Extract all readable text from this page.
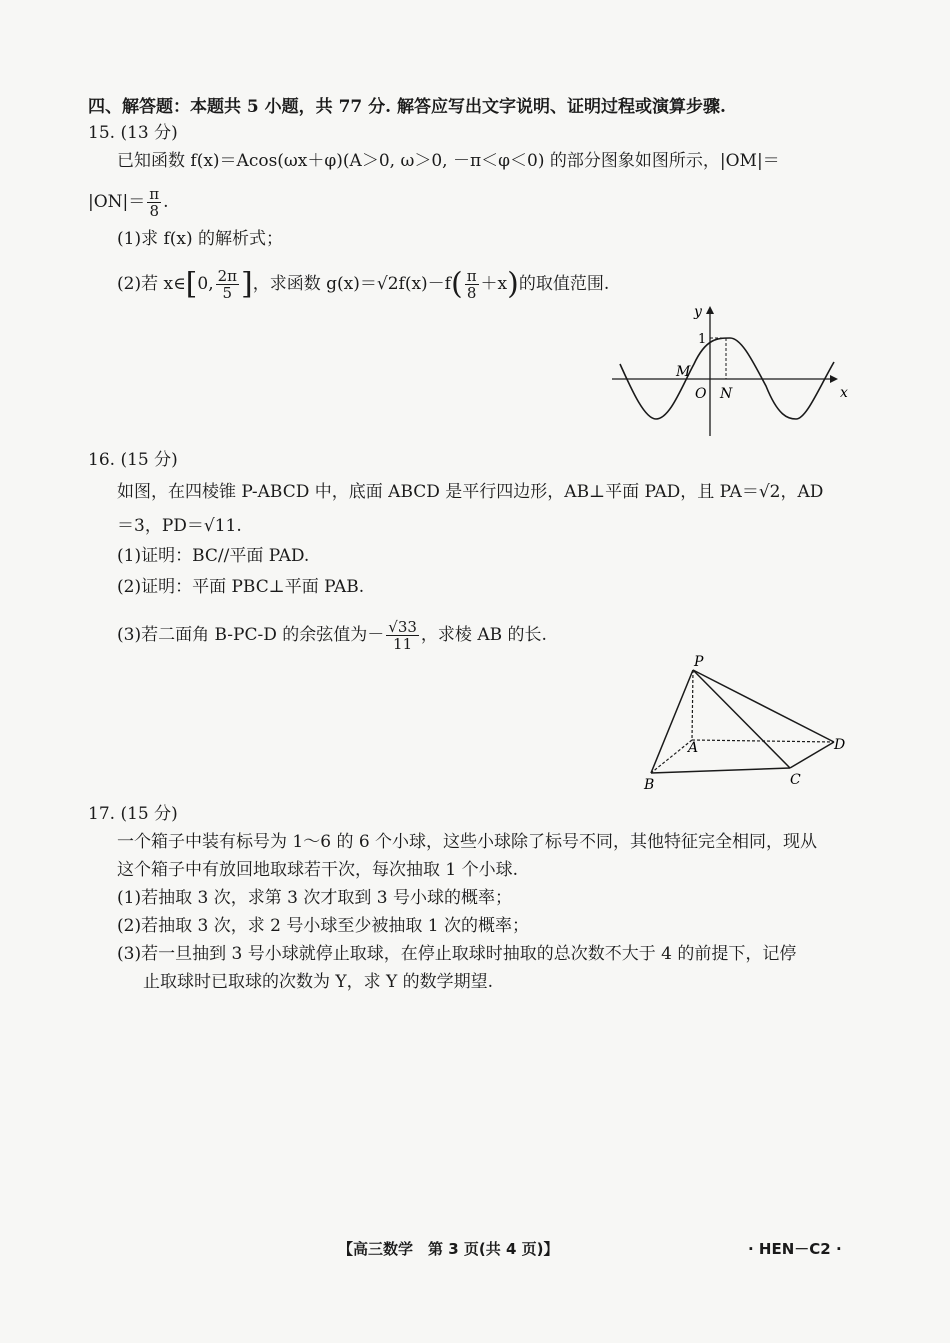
四、解答题：本题共 5 小题，共 77 分. 解答应写出文字说明、证明过程或演算步骤.
15. (13 分)
已知函数 f(x)＝Acos(ωx＋φ)(A＞0, ω＞0, －π＜φ＜0) 的部分图象如图所示，|OM|＝
$|ON|= \frac{\pi}{8}$ .
(1)求 f(x) 的解析式；
(2)若 x∈[0, $\frac{2\pi}{5}$ ]，求函数 $g(x)=√2f(x)-f( \frac{\pi}{8} +x)$的取值范围.
y
x
1
M
O N
16. (15 分)
如图，在四棱锥 P-ABCD 中，底面 ABCD 是平行四边形，AB⊥平面 PAD，且 PA＝√2，AD
＝3，PD＝√11.
(1)证明：BC//平面 PAD.
(2)证明：平面 PBC⊥平面 PAB.
(3)若二面角 B-PC-D 的余弦值为－ $\frac{√33}{11}$ ，求棱 AB 的长.
P
A
B	C
D
17. (15 分)
一个箱子中装有标号为 1～6 的 6 个小球，这些小球除了标号不同，其他特征完全相同，现从
这个箱子中有放回地取球若干次，每次抽取 1 个小球.
(1)若抽取 3 次，求第 3 次才取到 3 号小球的概率；
(2)若抽取 3 次，求 2 号小球至少被抽取 1 次的概率；
(3)若一旦抽到 3 号小球就停止取球，在停止取球时抽取的总次数不大于 4 的前提下，记停
止取球时已取球的次数为 Y，求 Y 的数学期望.
【高三数学　第 3 页(共 4 页)】	· HEN－C2 ·
